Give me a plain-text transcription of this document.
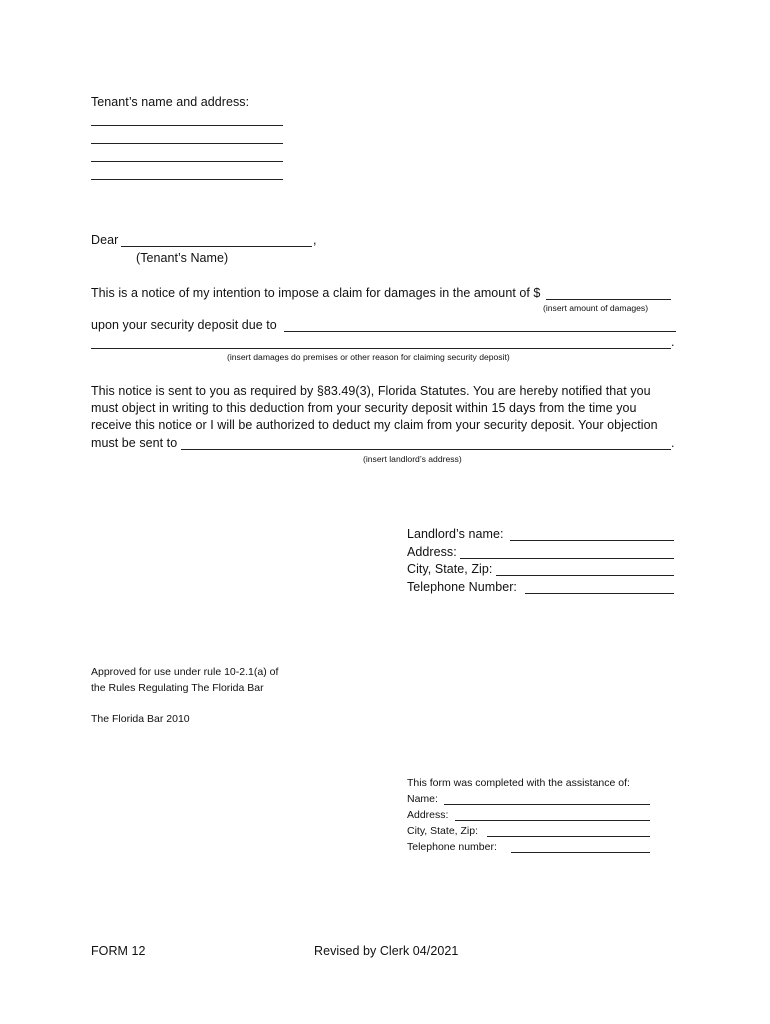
Tenant’s name and address:
Dear	,
(Tenant’s Name)
This is a notice of my intention to impose a claim for damages in the amount of $
(insert amount of damages)
upon your security deposit due to
.
(insert damages do premises or other reason for claiming security deposit)
This notice is sent to you as required by §83.49(3), Florida Statutes. You are hereby notified that you
must object in writing to this deduction from your security deposit within 15 days from the time you
receive this notice or I will be authorized to deduct my claim from your security deposit. Your objection
must be sent to	.
(insert landlord’s address)
Landlord’s name:
Address:
City, State, Zip:
Telephone Number:
Approved for use under rule 10-2.1(a) of
the Rules Regulating The Florida Bar
The Florida Bar 2010
This form was completed with the assistance of:
Name:
Address:
City, State, Zip:
Telephone number:
FORM 12	Revised by Clerk 04/2021
